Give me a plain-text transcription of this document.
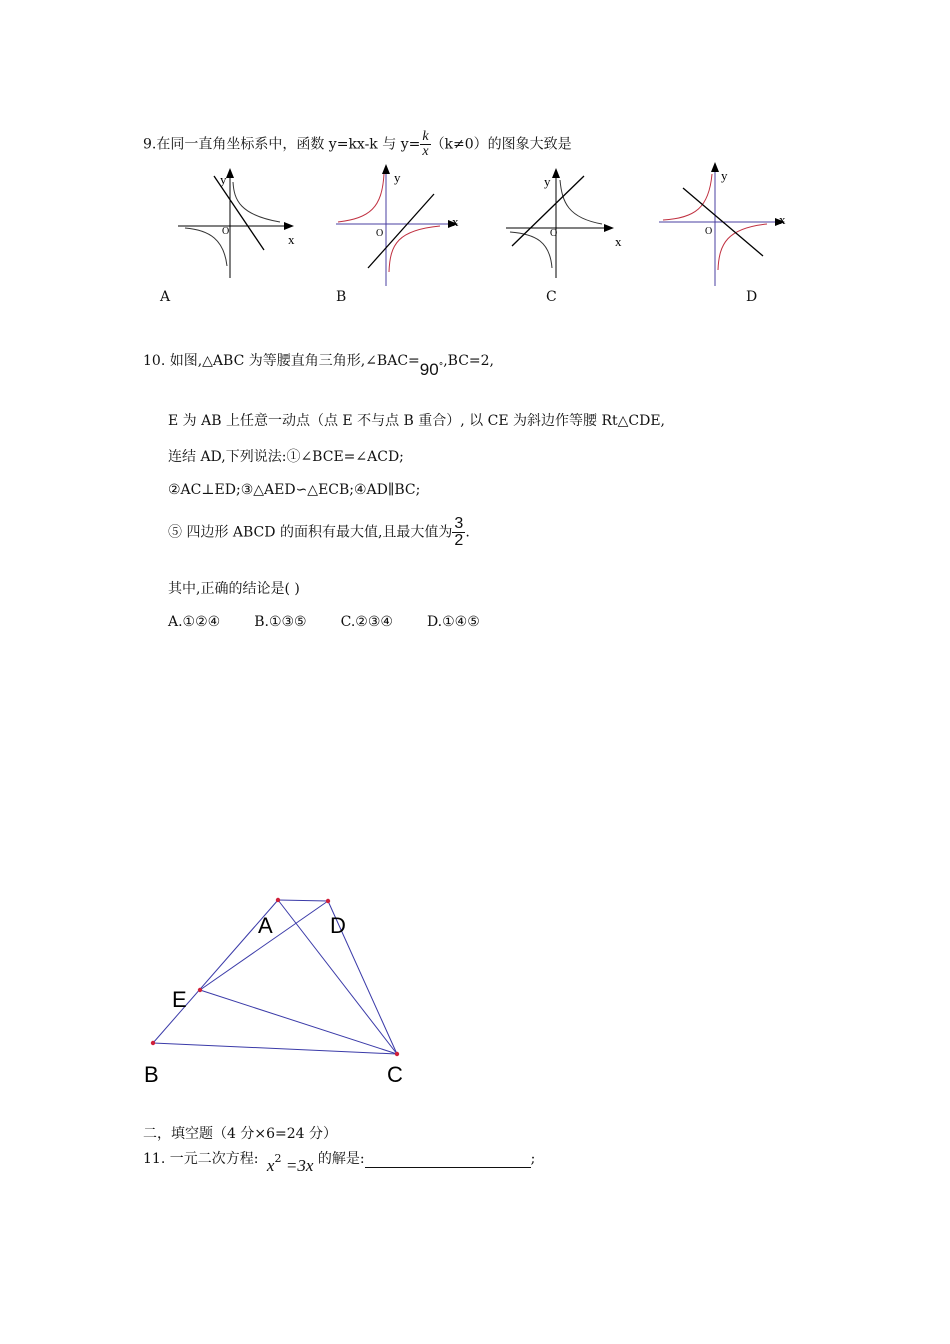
9.在同一直角坐标系中，函数 y=kx-k 与 $y= \frac{k}{x} (k\ne 0)$的图象大致是
y
x
O
A
y
x
O
B
y
x
O
C
y
x
O
D
10. 如图,△ABC 为等腰直角三角形$,\angle BAC=90^\circ,BC=2$,
E 为 AB 上任意一动点（点 E 不与点 B 重合）, 以 CE 为斜边作等腰 Rt△CDE,
连结 AD,下列说法:①∠BCE=∠ACD;
②AC⊥ED;③△AED∽△ECB;④AD∥BC;
⑤ 四边形 ABCD 的面积有最大值,且最大值为 $\frac{3}{2}$ .
其中,正确的结论是( )
A.①②④ B.①③⑤ C.②③④ D.①④⑤
A	D
E
B	C
二，填空题（4 分×6=24 分）
11. 一元二次方程: x2 =3x 的解是:	;
